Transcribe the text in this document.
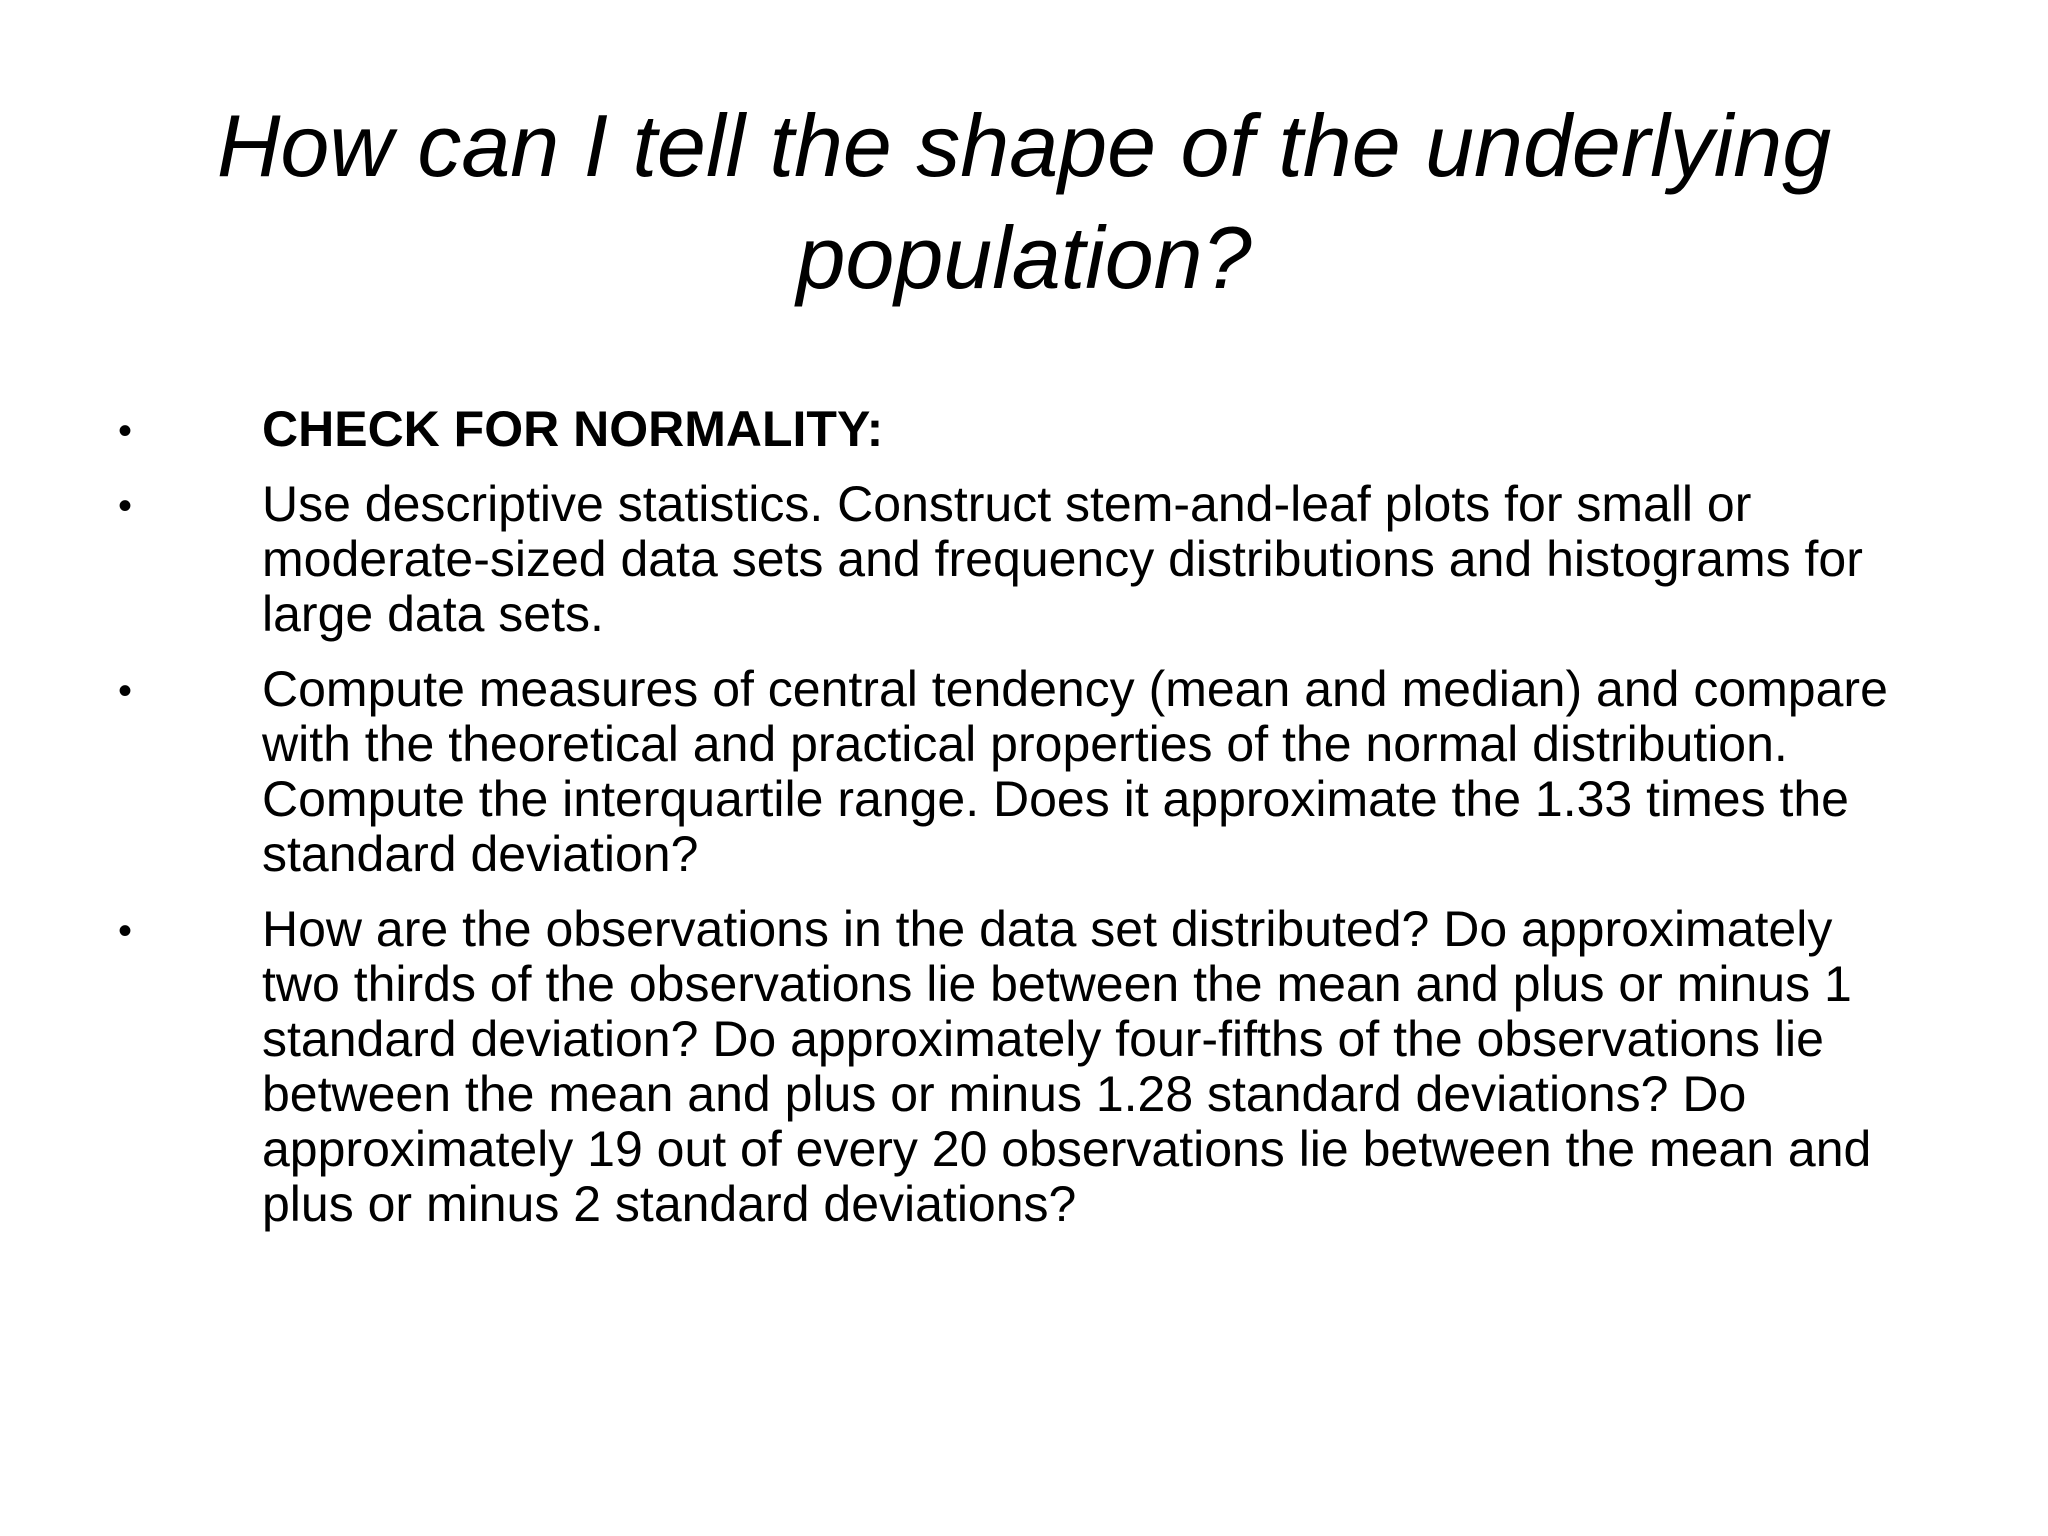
How can I tell the shape of the underlying population?
•	CHECK FOR NORMALITY:
•	Use descriptive statistics. Construct stem-and-leaf plots for small or moderate-sized data sets and frequency distributions and histograms for large data sets.
•	Compute measures of central tendency (mean and median) and compare with the theoretical and practical properties of the normal distribution. Compute the interquartile range. Does it approximate the 1.33 times the standard deviation?
•	How are the observations in the data set distributed? Do approximately two thirds of the observations lie between the mean and plus or minus 1 standard deviation? Do approximately four-fifths of the observations lie between the mean and plus or minus 1.28 standard deviations? Do approximately 19 out of every 20 observations lie between the mean and plus or minus 2 standard deviations?
